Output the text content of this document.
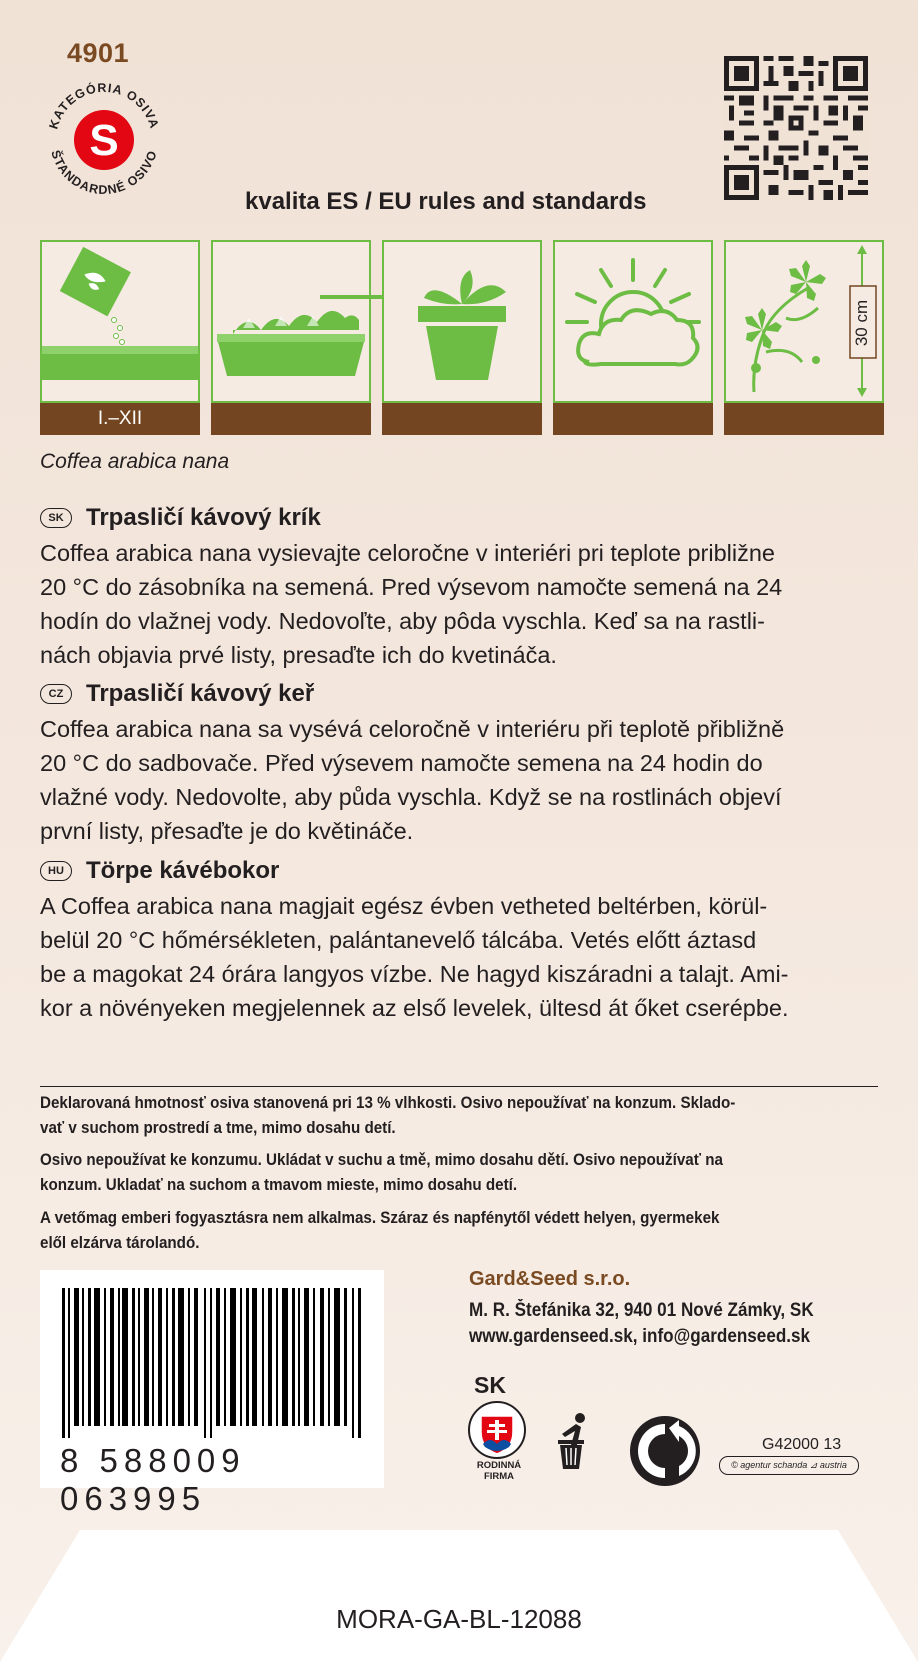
4901
S
KATEGÓRIA OSIVA
ŠTANDARDNÉ OSIVO
kvalita ES / EU rules and standards
I.–XII
30 cm
Coffea arabica nana
SK Trpasličí kávový krík
Coffea arabica nana vysievajte celoročne v interiéri pri teplote približne
20 °C do zásobníka na semená. Pred výsevom namočte semená na 24
hodín do vlažnej vody. Nedovoľte, aby pôda vyschla. Keď sa na rastli-
nách objavia prvé listy, presaďte ich do kvetináča.
CZ Trpasličí kávový keř
Coffea arabica nana sa vysévá celoročně v interiéru při teplotě přibližně
20 °C do sadbovače. Před výsevem namočte semena na 24 hodin do
vlažné vody. Nedovolte, aby půda vyschla. Když se na rostlinách objeví
první listy, přesaďte je do květináče.
HU Törpe kávébokor
A Coffea arabica nana magjait egész évben vetheted beltérben, körül-
belül 20 °C hőmérsékleten, palántanevelő tálcába. Vetés előtt áztasd
be a magokat 24 órára langyos vízbe. Ne hagyd kiszáradni a talajt. Ami-
kor a növényeken megjelennek az első levelek, ültesd át őket cserépbe.
Deklarovaná hmotnosť osiva stanovená pri 13 % vlhkosti. Osivo nepoužívať na konzum. Sklado-
vať v suchom prostredí a tme, mimo dosahu detí.
Osivo nepoužívat ke konzumu. Ukládat v suchu a tmě, mimo dosahu dětí. Osivo nepoužívať na
konzum. Ukladať na suchom a tmavom mieste, mimo dosahu detí.
A vetőmag emberi fogyasztásra nem alkalmas. Száraz és napfénytől védett helyen, gyermekek
elől elzárva tárolandó.
8 588009 063995
Gard&Seed s.r.o.
M. R. Štefánika 32, 940 01 Nové Zámky, SK
www.gardenseed.sk, info@gardenseed.sk
SK
RODINNÁ FIRMA
G42000 13
© agentur schanda ⊿ austria
MORA-GA-BL-12088
